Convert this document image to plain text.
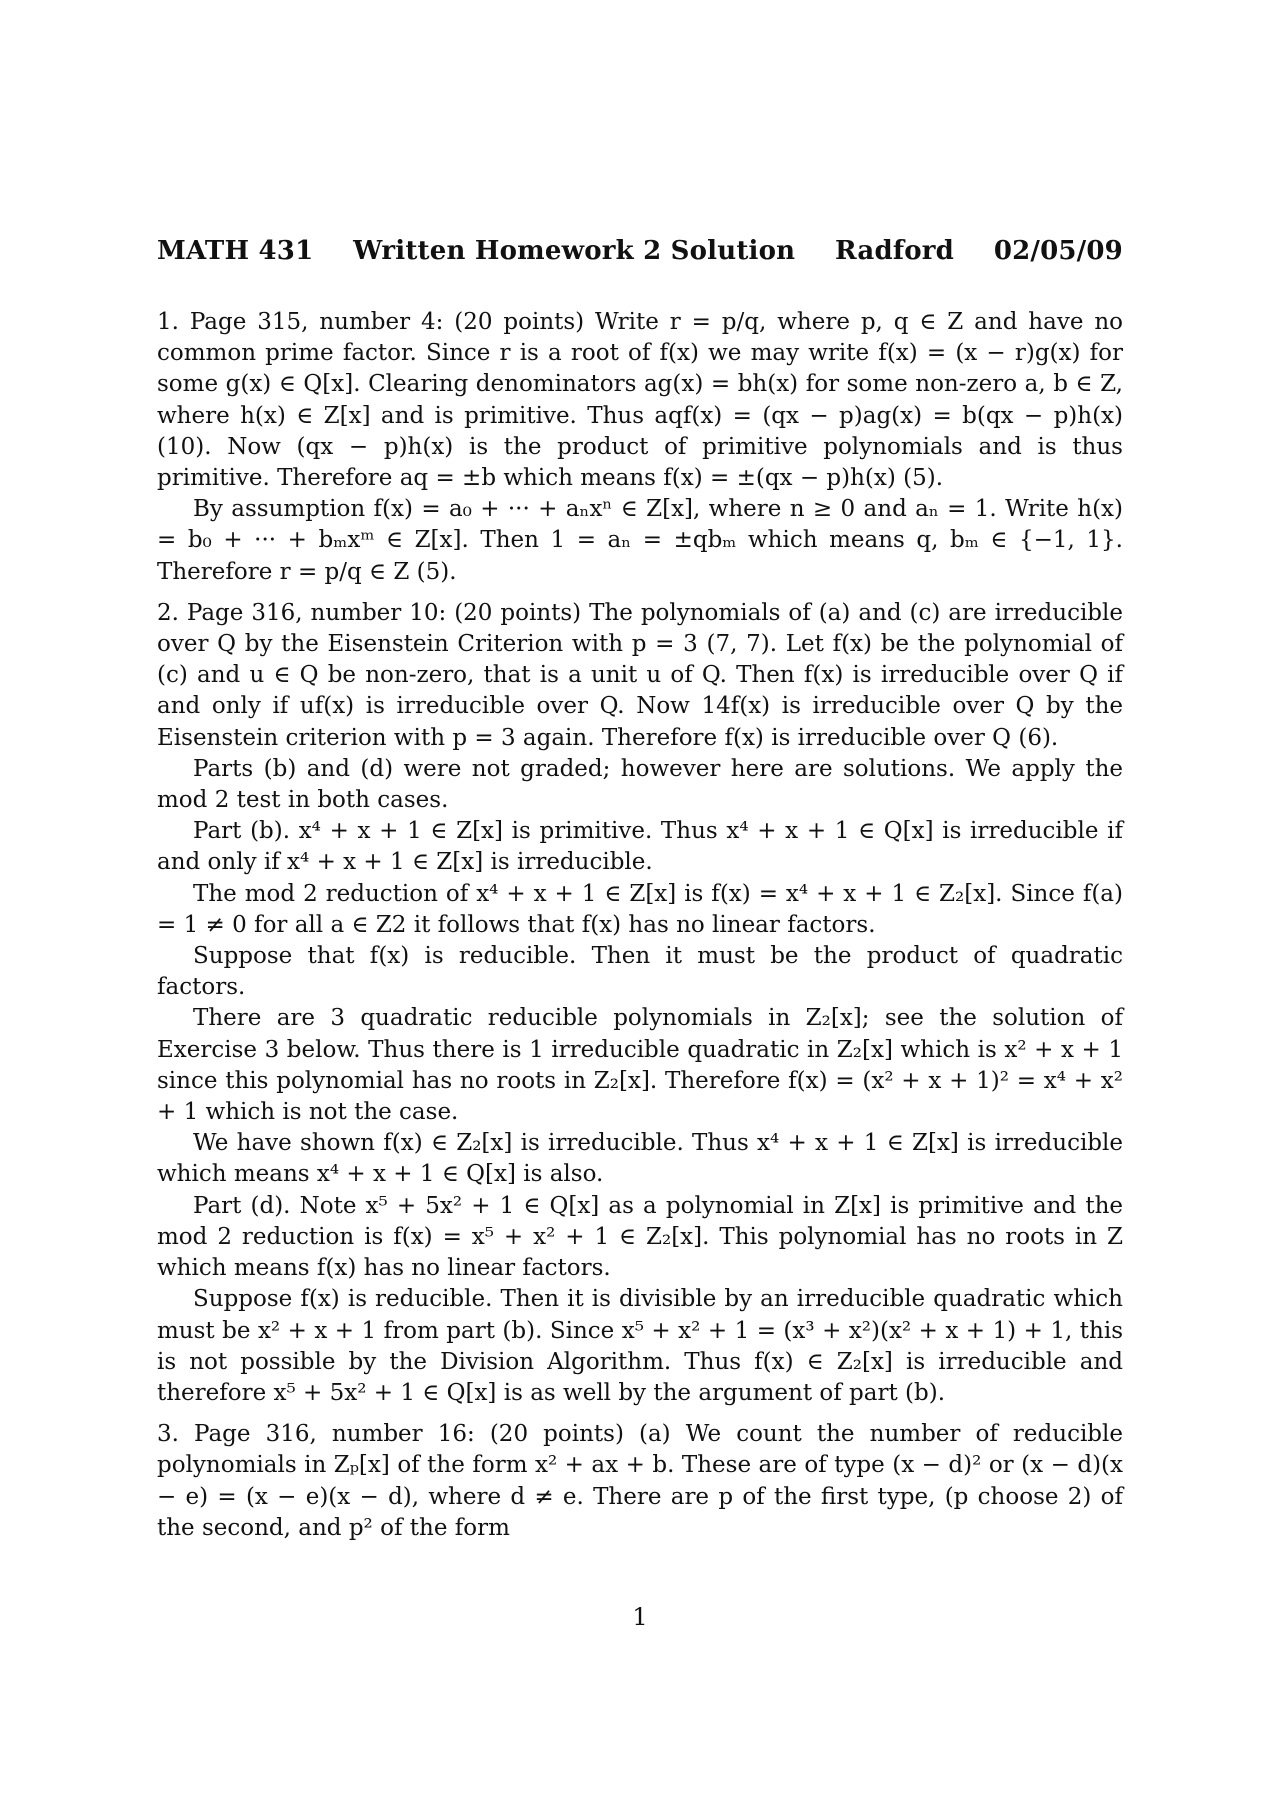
MATH 431 Written Homework 2 Solution Radford 02/05/09

1. Page 315, number 4: (20 points) Write r = p/q, where p, q ∈ Z and have no common prime factor. Since r is a root of f(x) we may write f(x) = (x − r)g(x) for some g(x) ∈ Q[x]. Clearing denominators ag(x) = bh(x) for some non-zero a, b ∈ Z, where h(x) ∈ Z[x] and is primitive. Thus aqf(x) = (qx − p)ag(x) = b(qx − p)h(x) (10). Now (qx − p)h(x) is the product of primitive polynomials and is thus primitive. Therefore aq = ±b which means f(x) = ±(qx − p)h(x) (5).

By assumption f(x) = a₀ + ··· + aₙxⁿ ∈ Z[x], where n ≥ 0 and aₙ = 1. Write h(x) = b₀ + ··· + bₘxᵐ ∈ Z[x]. Then 1 = aₙ = ±qbₘ which means q, bₘ ∈ {−1, 1}. Therefore r = p/q ∈ Z (5).

2. Page 316, number 10: (20 points) The polynomials of (a) and (c) are irreducible over Q by the Eisenstein Criterion with p = 3 (7, 7). Let f(x) be the polynomial of (c) and u ∈ Q be non-zero, that is a unit u of Q. Then f(x) is irreducible over Q if and only if uf(x) is irreducible over Q. Now 14f(x) is irreducible over Q by the Eisenstein criterion with p = 3 again. Therefore f(x) is irreducible over Q (6).

Parts (b) and (d) were not graded; however here are solutions. We apply the mod 2 test in both cases.

Part (b). x⁴ + x + 1 ∈ Z[x] is primitive. Thus x⁴ + x + 1 ∈ Q[x] is irreducible if and only if x⁴ + x + 1 ∈ Z[x] is irreducible.

The mod 2 reduction of x⁴ + x + 1 ∈ Z[x] is f(x) = x⁴ + x + 1 ∈ Z₂[x]. Since f(a) = 1 ≠ 0 for all a ∈ Z2 it follows that f(x) has no linear factors.

Suppose that f(x) is reducible. Then it must be the product of quadratic factors.

There are 3 quadratic reducible polynomials in Z₂[x]; see the solution of Exercise 3 below. Thus there is 1 irreducible quadratic in Z₂[x] which is x² + x + 1 since this polynomial has no roots in Z₂[x]. Therefore f(x) = (x² + x + 1)² = x⁴ + x² + 1 which is not the case.

We have shown f(x) ∈ Z₂[x] is irreducible. Thus x⁴ + x + 1 ∈ Z[x] is irreducible which means x⁴ + x + 1 ∈ Q[x] is also.

Part (d). Note x⁵ + 5x² + 1 ∈ Q[x] as a polynomial in Z[x] is primitive and the mod 2 reduction is f(x) = x⁵ + x² + 1 ∈ Z₂[x]. This polynomial has no roots in Z which means f(x) has no linear factors.

Suppose f(x) is reducible. Then it is divisible by an irreducible quadratic which must be x² + x + 1 from part (b). Since x⁵ + x² + 1 = (x³ + x²)(x² + x + 1) + 1, this is not possible by the Division Algorithm. Thus f(x) ∈ Z₂[x] is irreducible and therefore x⁵ + 5x² + 1 ∈ Q[x] is as well by the argument of part (b).

3. Page 316, number 16: (20 points) (a) We count the number of reducible polynomials in Zₚ[x] of the form x² + ax + b. These are of type (x − d)² or (x − d)(x − e) = (x − e)(x − d), where d ≠ e. There are p of the first type, (p choose 2) of the second, and p² of the form

1
